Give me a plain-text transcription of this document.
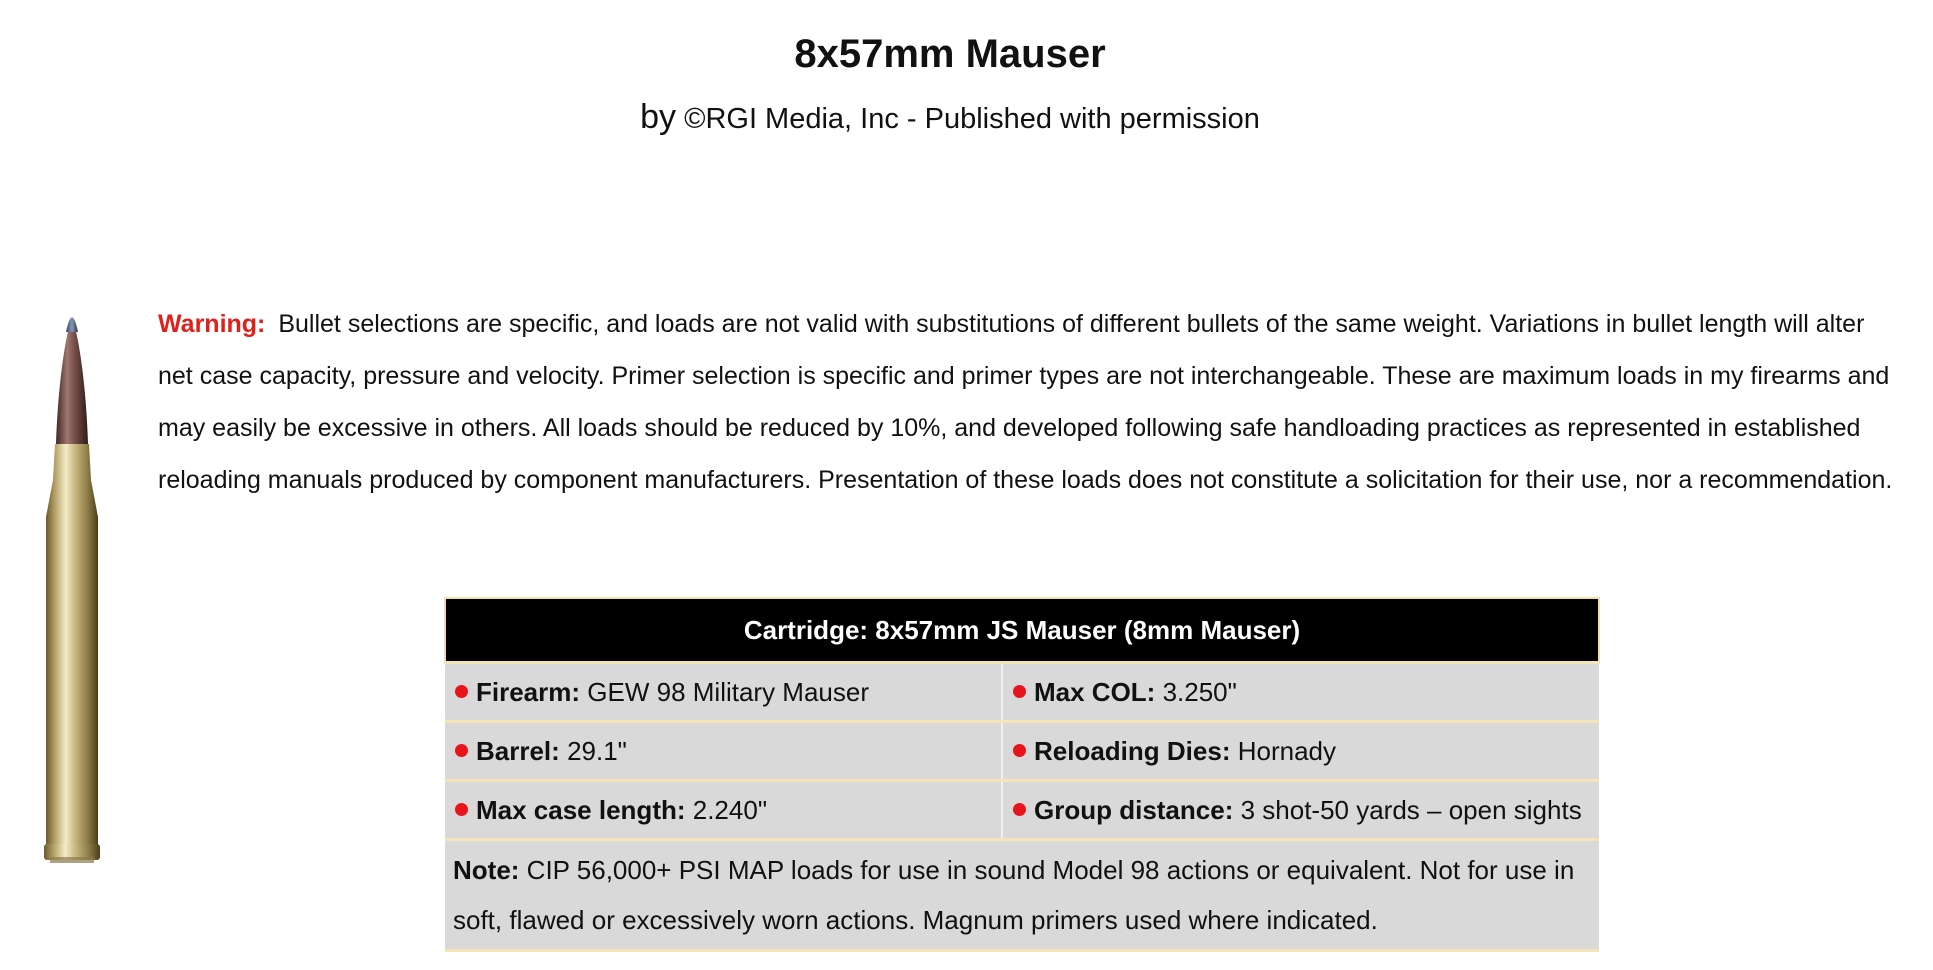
8x57mm Mauser
by ©RGI Media, Inc - Published with permission
Warning: Bullet selections are specific, and loads are not valid with substitutions of different bullets of the same weight. Variations in bullet length will alter net case capacity, pressure and velocity. Primer selection is specific and primer types are not interchangeable. These are maximum loads in my firearms and may easily be excessive in others. All loads should be reduced by 10%, and developed following safe handloading practices as represented in established reloading manuals produced by component manufacturers. Presentation of these loads does not constitute a solicitation for their use, nor a recommendation.
Cartridge: 8x57mm JS Mauser (8mm Mauser)	
Firearm: GEW 98 Military Mauser	Max COL: 3.250"
Barrel: 29.1"	Reloading Dies: Hornady
Max case length: 2.240"	Group distance: 3 shot-50 yards – open sights
Note: CIP 56,000+ PSI MAP loads for use in sound Model 98 actions or equivalent. Not for use in soft, flawed or excessively worn actions. Magnum primers used where indicated.	
